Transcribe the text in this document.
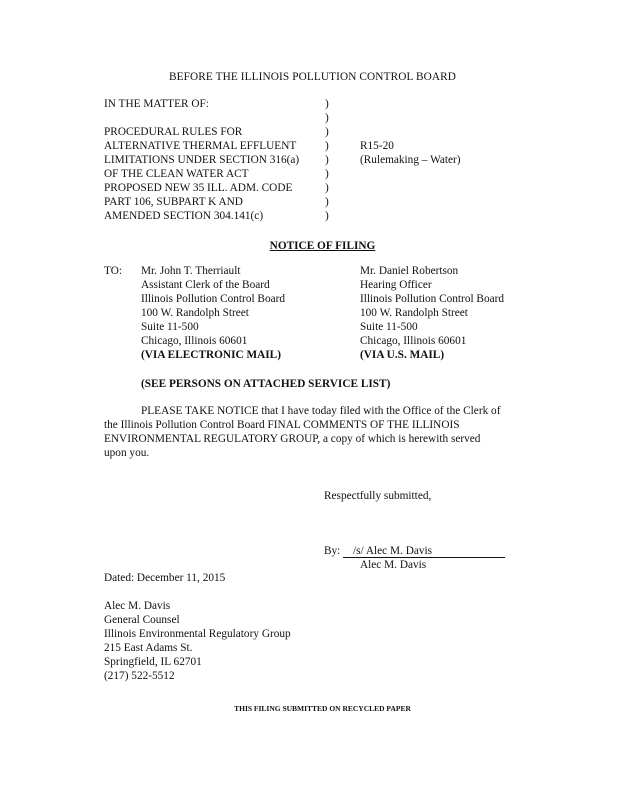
BEFORE THE ILLINOIS POLLUTION CONTROL BOARD
IN THE MATTER OF:
PROCEDURAL RULES FOR
ALTERNATIVE THERMAL EFFLUENT
LIMITATIONS UNDER SECTION 316(a)
OF THE CLEAN WATER ACT
PROPOSED NEW 35 ILL. ADM. CODE
PART 106, SUBPART K AND
AMENDED SECTION 304.141(c)
)
)
)
)
)
)
)
)
)
R15-20
(Rulemaking – Water)
NOTICE OF FILING
TO: Mr. John T. Therriault
Assistant Clerk of the Board
Illinois Pollution Control Board
100 W. Randolph Street
Suite 11-500
Chicago, Illinois 60601
(VIA ELECTRONIC MAIL)
Mr. Daniel Robertson
Hearing Officer
Illinois Pollution Control Board
100 W. Randolph Street
Suite 11-500
Chicago, Illinois 60601
(VIA U.S. MAIL)
(SEE PERSONS ON ATTACHED SERVICE LIST)
PLEASE TAKE NOTICE that I have today filed with the Office of the Clerk of
the Illinois Pollution Control Board FINAL COMMENTS OF THE ILLINOIS
ENVIRONMENTAL REGULATORY GROUP, a copy of which is herewith served
upon you.
Respectfully submitted,
By: /s/ Alec M. Davis
Alec M. Davis
Dated: December 11, 2015
Alec M. Davis
General Counsel
Illinois Environmental Regulatory Group
215 East Adams St.
Springfield, IL 62701
(217) 522-5512
THIS FILING SUBMITTED ON RECYCLED PAPER
